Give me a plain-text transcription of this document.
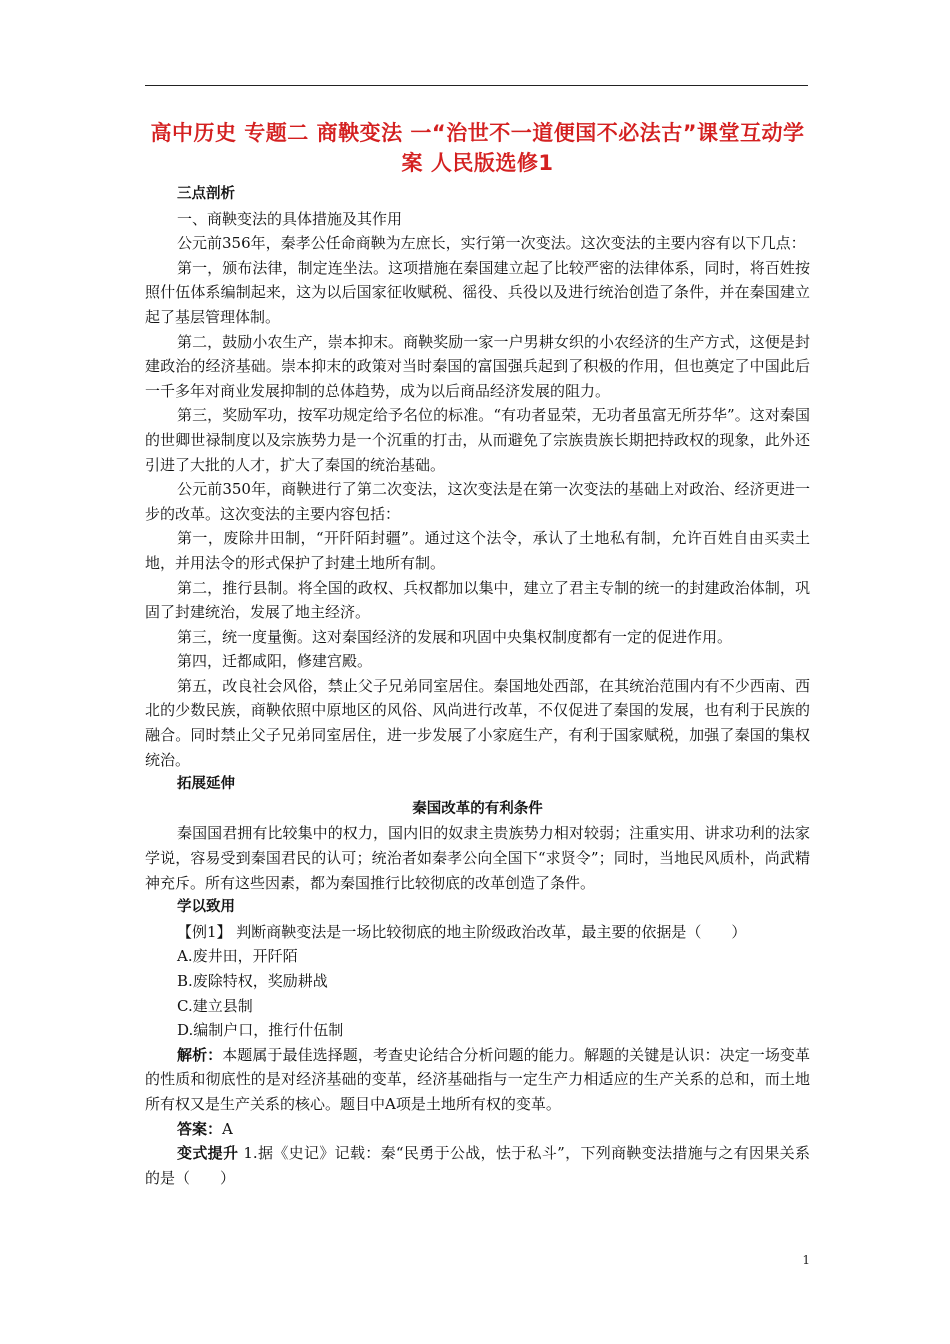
高中历史 专题二 商鞅变法 一“治世不一道便国不必法古”课堂互动学案 人民版选修1
三点剖析

一、商鞅变法的具体措施及其作用

公元前356年，秦孝公任命商鞅为左庶长，实行第一次变法。这次变法的主要内容有以下几点：

第一，颁布法律，制定连坐法。这项措施在秦国建立起了比较严密的法律体系，同时，将百姓按照什伍体系编制起来，这为以后国家征收赋税、徭役、兵役以及进行统治创造了条件，并在秦国建立起了基层管理体制。

第二，鼓励小农生产，崇本抑末。商鞅奖励一家一户男耕女织的小农经济的生产方式，这便是封建政治的经济基础。崇本抑末的政策对当时秦国的富国强兵起到了积极的作用，但也奠定了中国此后一千多年对商业发展抑制的总体趋势，成为以后商品经济发展的阻力。

第三，奖励军功，按军功规定给予名位的标准。“有功者显荣，无功者虽富无所芬华”。这对秦国的世卿世禄制度以及宗族势力是一个沉重的打击，从而避免了宗族贵族长期把持政权的现象，此外还引进了大批的人才，扩大了秦国的统治基础。

公元前350年，商鞅进行了第二次变法，这次变法是在第一次变法的基础上对政治、经济更进一步的改革。这次变法的主要内容包括：

第一，废除井田制，“开阡陌封疆”。通过这个法令，承认了土地私有制，允许百姓自由买卖土地，并用法令的形式保护了封建土地所有制。

第二，推行县制。将全国的政权、兵权都加以集中，建立了君主专制的统一的封建政治体制，巩固了封建统治，发展了地主经济。

第三，统一度量衡。这对秦国经济的发展和巩固中央集权制度都有一定的促进作用。

第四，迁都咸阳，修建宫殿。

第五，改良社会风俗，禁止父子兄弟同室居住。秦国地处西部，在其统治范围内有不少西南、西北的少数民族，商鞅依照中原地区的风俗、风尚进行改革，不仅促进了秦国的发展，也有利于民族的融合。同时禁止父子兄弟同室居住，进一步发展了小家庭生产，有利于国家赋税，加强了秦国的集权统治。

拓展延伸
秦国改革的有利条件

秦国国君拥有比较集中的权力，国内旧的奴隶主贵族势力相对较弱；注重实用、讲求功利的法家学说，容易受到秦国君民的认可；统治者如秦孝公向全国下“求贤令”；同时，当地民风质朴，尚武精神充斥。所有这些因素，都为秦国推行比较彻底的改革创造了条件。

学以致用

【例1】 判断商鞅变法是一场比较彻底的地主阶级政治改革，最主要的依据是（　　）

A.废井田，开阡陌

B.废除特权，奖励耕战

C.建立县制

D.编制户口，推行什伍制

解析：本题属于最佳选择题，考查史论结合分析问题的能力。解题的关键是认识：决定一场变革的性质和彻底性的是对经济基础的变革，经济基础指与一定生产力相适应的生产关系的总和，而土地所有权又是生产关系的核心。题目中A项是土地所有权的变革。

答案：A

变式提升 1.据《史记》记载：秦“民勇于公战，怯于私斗”，下列商鞅变法措施与之有因果关系的是（　　）

1
